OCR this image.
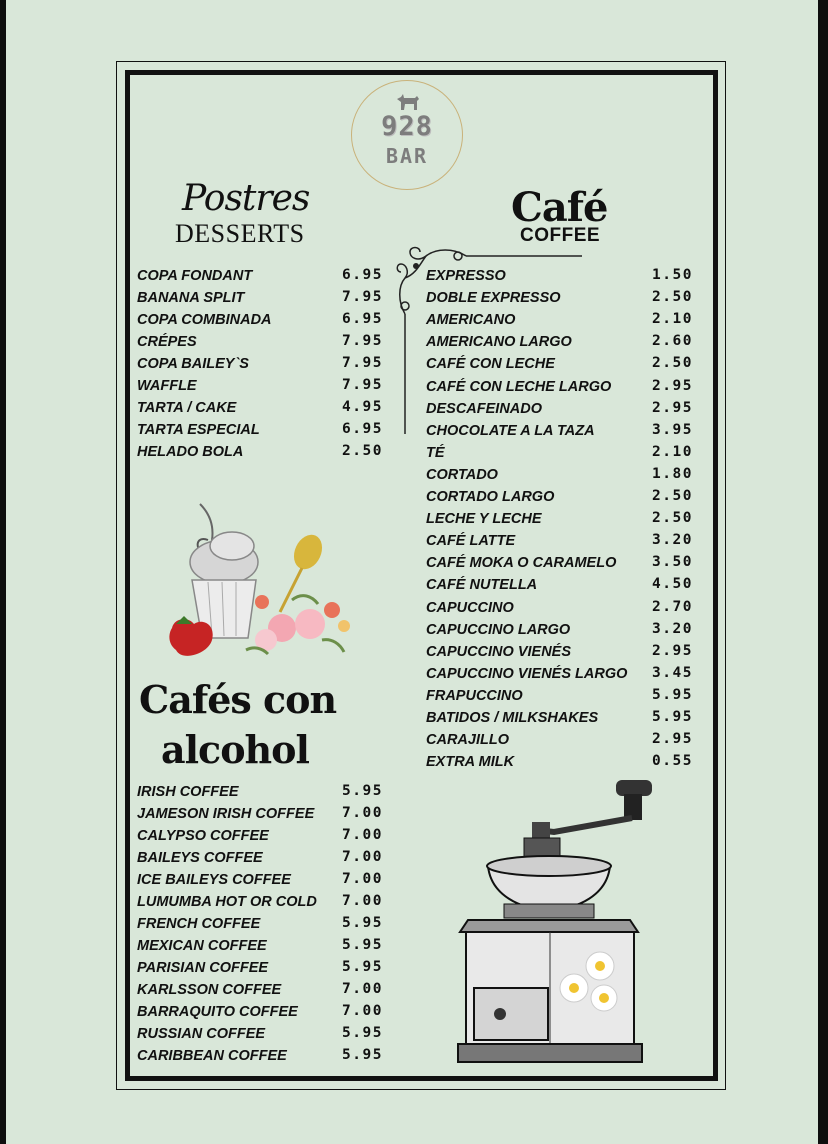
928
BAR
Postres
DESSERTS
Café
COFFEE
Cafés con
alcohol
COPA FONDANT	6.95
BANANA SPLIT	7.95
COPA COMBINADA	6.95
CRÉPES	7.95
COPA BAILEY`S	7.95
WAFFLE	7.95
TARTA / CAKE	4.95
TARTA ESPECIAL	6.95
HELADO BOLA	2.50
EXPRESSO	1.50
DOBLE EXPRESSO	2.50
AMERICANO	2.10
AMERICANO LARGO	2.60
CAFÉ CON LECHE	2.50
CAFÉ CON LECHE LARGO	2.95
DESCAFEINADO	2.95
CHOCOLATE A LA TAZA	3.95
TÉ	2.10
CORTADO	1.80
CORTADO LARGO	2.50
LECHE Y LECHE	2.50
CAFÉ LATTE	3.20
CAFÉ MOKA O CARAMELO 3.50
CAFÉ NUTELLA	4.50
CAPUCCINO	2.70
CAPUCCINO LARGO	3.20
CAPUCCINO VIENÉS	2.95
CAPUCCINO VIENÉS LARGO 3.45
FRAPUCCINO	5.95
BATIDOS / MILKSHAKES	5.95
CARAJILLO	2.95
EXTRA MILK	0.55
IRISH COFFEE	5.95
JAMESON IRISH COFFEE 7.00
CALYPSO COFFEE	7.00
BAILEYS COFFEE	7.00
ICE BAILEYS COFFEE	7.00
LUMUMBA HOT OR COLD 7.00
FRENCH COFFEE	5.95
MEXICAN COFFEE	5.95
PARISIAN COFFEE	5.95
KARLSSON COFFEE	7.00
BARRAQUITO COFFEE	7.00
RUSSIAN COFFEE	5.95
CARIBBEAN COFFEE	5.95
